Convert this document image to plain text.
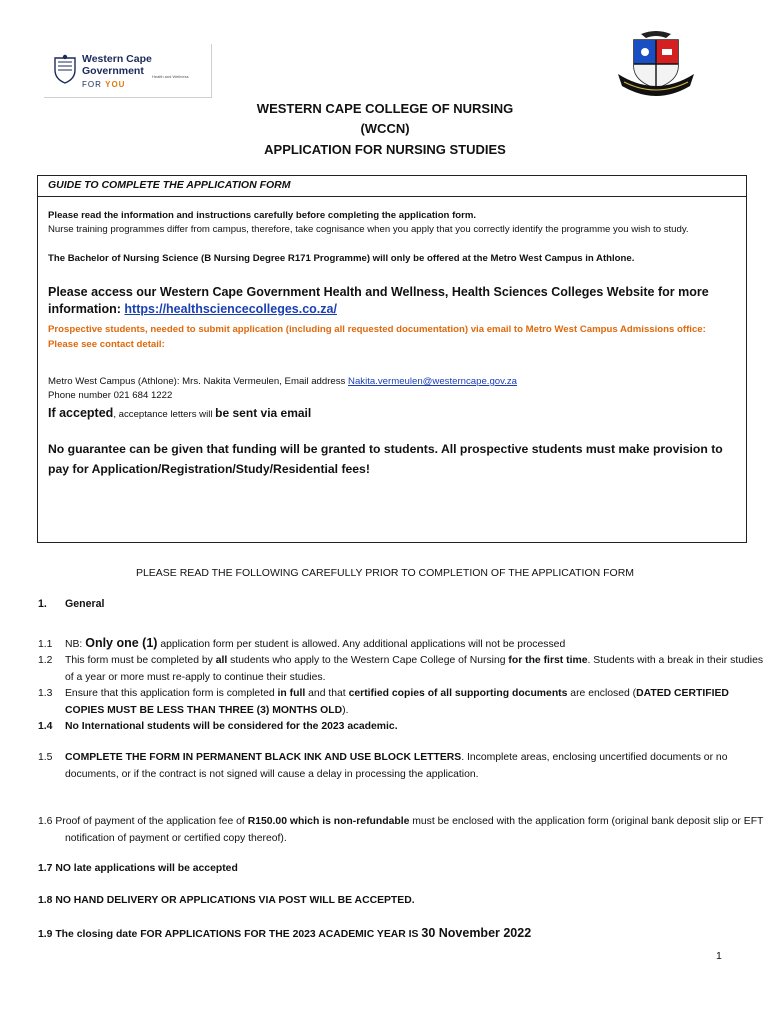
Western Cape
Government Health and Wellness
FOR YOU
WESTERN CAPE COLLEGE OF NURSING
(WCCN)
APPLICATION FOR NURSING STUDIES
GUIDE TO COMPLETE THE APPLICATION FORM
Please read the information and instructions carefully before completing the application form.
Nurse training programmes differ from campus, therefore, take cognisance when you apply that you correctly identify the programme you wish to study.
The Bachelor of Nursing Science (B Nursing Degree R171 Programme) will only be offered at the Metro West Campus in Athlone.
Please access our Western Cape Government Health and Wellness, Health Sciences Colleges Website for more information: https://healthsciencecolleges.co.za/
Prospective students, needed to submit application (including all requested documentation) via email to Metro West Campus Admissions office: Please see contact detail:
Metro West Campus (Athlone): Mrs. Nakita Vermeulen, Email address Nakita.vermeulen@westerncape.gov.za
Phone number 021 684 1222
If accepted, acceptance letters will be sent via email
No guarantee can be given that funding will be granted to students. All prospective students must make provision to pay for Application/Registration/Study/Residential fees!
PLEASE READ THE FOLLOWING CAREFULLY PRIOR TO COMPLETION OF THE APPLICATION FORM
1. General
1.1 NB: Only one (1) application form per student is allowed. Any additional applications will not be processed
1.2 This form must be completed by all students who apply to the Western Cape College of Nursing for the first time. Students with a break in their studies of a year or more must re-apply to continue their studies.
1.3 Ensure that this application form is completed in full and that certified copies of all supporting documents are enclosed (DATED CERTIFIED COPIES MUST BE LESS THAN THREE (3) MONTHS OLD).
1.4 No International students will be considered for the 2023 academic.
1.5 COMPLETE THE FORM IN PERMANENT BLACK INK AND USE BLOCK LETTERS. Incomplete areas, enclosing uncertified documents or no documents, or if the contract is not signed will cause a delay in processing the application.
1.6 Proof of payment of the application fee of R150.00 which is non-refundable must be enclosed with the application form (original bank deposit slip or EFT notification of payment or certified copy thereof).
1.7 NO late applications will be accepted
1.8 NO HAND DELIVERY OR APPLICATIONS VIA POST WILL BE ACCEPTED.
1.9 The closing date FOR APPLICATIONS FOR THE 2023 ACADEMIC YEAR IS 30 November 2022
1
